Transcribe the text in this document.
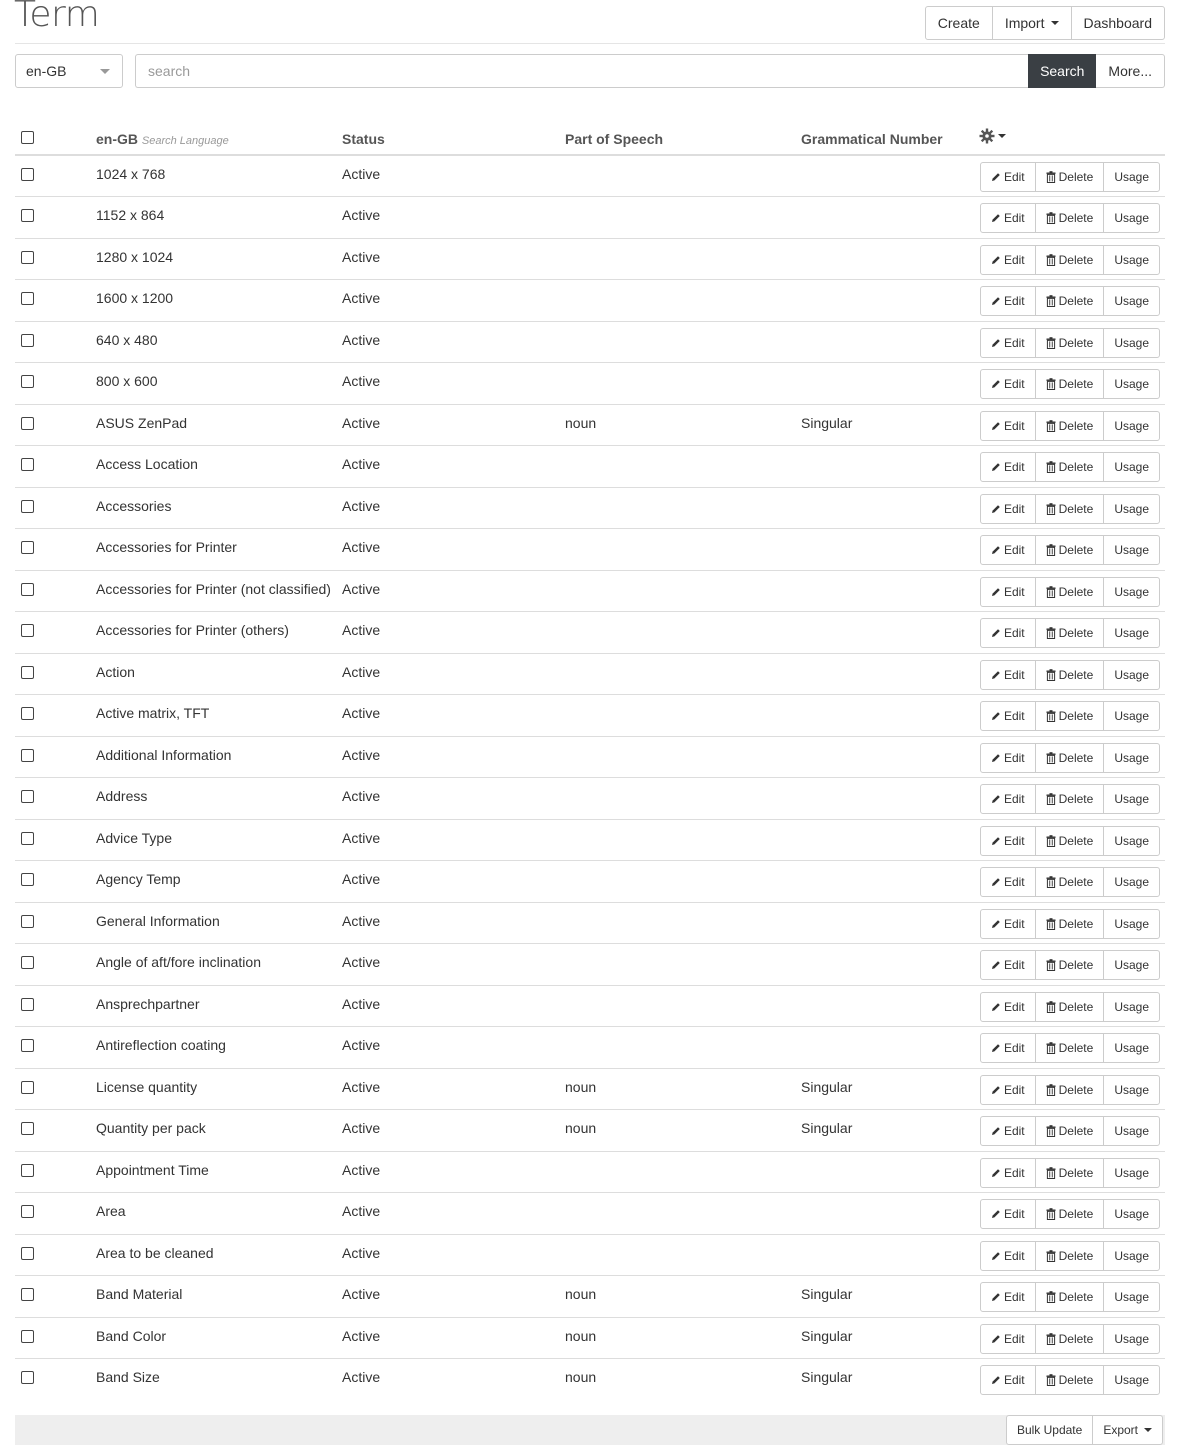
Term	Create	Import	Dashboard
en-GB
search	Search	More...
	en-GB Search Language	Status	Part of Speech	Grammatical Number	

	1024 x 768	Active			Edit Delete Usage

	1152 x 864	Active			Edit Delete Usage

	1280 x 1024	Active			Edit Delete Usage

	1600 x 1200	Active			Edit Delete Usage

	640 x 480	Active			Edit Delete Usage

	800 x 600	Active			Edit Delete Usage

	ASUS ZenPad	Active	noun	Singular	Edit Delete Usage

	Access Location	Active			Edit Delete Usage

	Accessories	Active			Edit Delete Usage

	Accessories for Printer	Active			Edit Delete Usage

	Accessories for Printer (not classified)	Active			Edit Delete Usage

	Accessories for Printer (others)	Active			Edit Delete Usage

	Action	Active			Edit Delete Usage

	Active matrix, TFT	Active			Edit Delete Usage

	Additional Information	Active			Edit Delete Usage

	Address	Active			Edit Delete Usage

	Advice Type	Active			Edit Delete Usage

	Agency Temp	Active			Edit Delete Usage

	General Information	Active			Edit Delete Usage

	Angle of aft/fore inclination	Active			Edit Delete Usage

	Ansprechpartner	Active			Edit Delete Usage

	Antireflection coating	Active			Edit Delete Usage

	License quantity	Active	noun	Singular	Edit Delete Usage

	Quantity per pack	Active	noun	Singular	Edit Delete Usage

	Appointment Time	Active			Edit Delete Usage

	Area	Active			Edit Delete Usage

	Area to be cleaned	Active			Edit Delete Usage

	Band Material	Active	noun	Singular	Edit Delete Usage

	Band Color	Active	noun	Singular	Edit Delete Usage

	Band Size	Active	noun	Singular	Edit Delete Usage
Bulk Update	Export
